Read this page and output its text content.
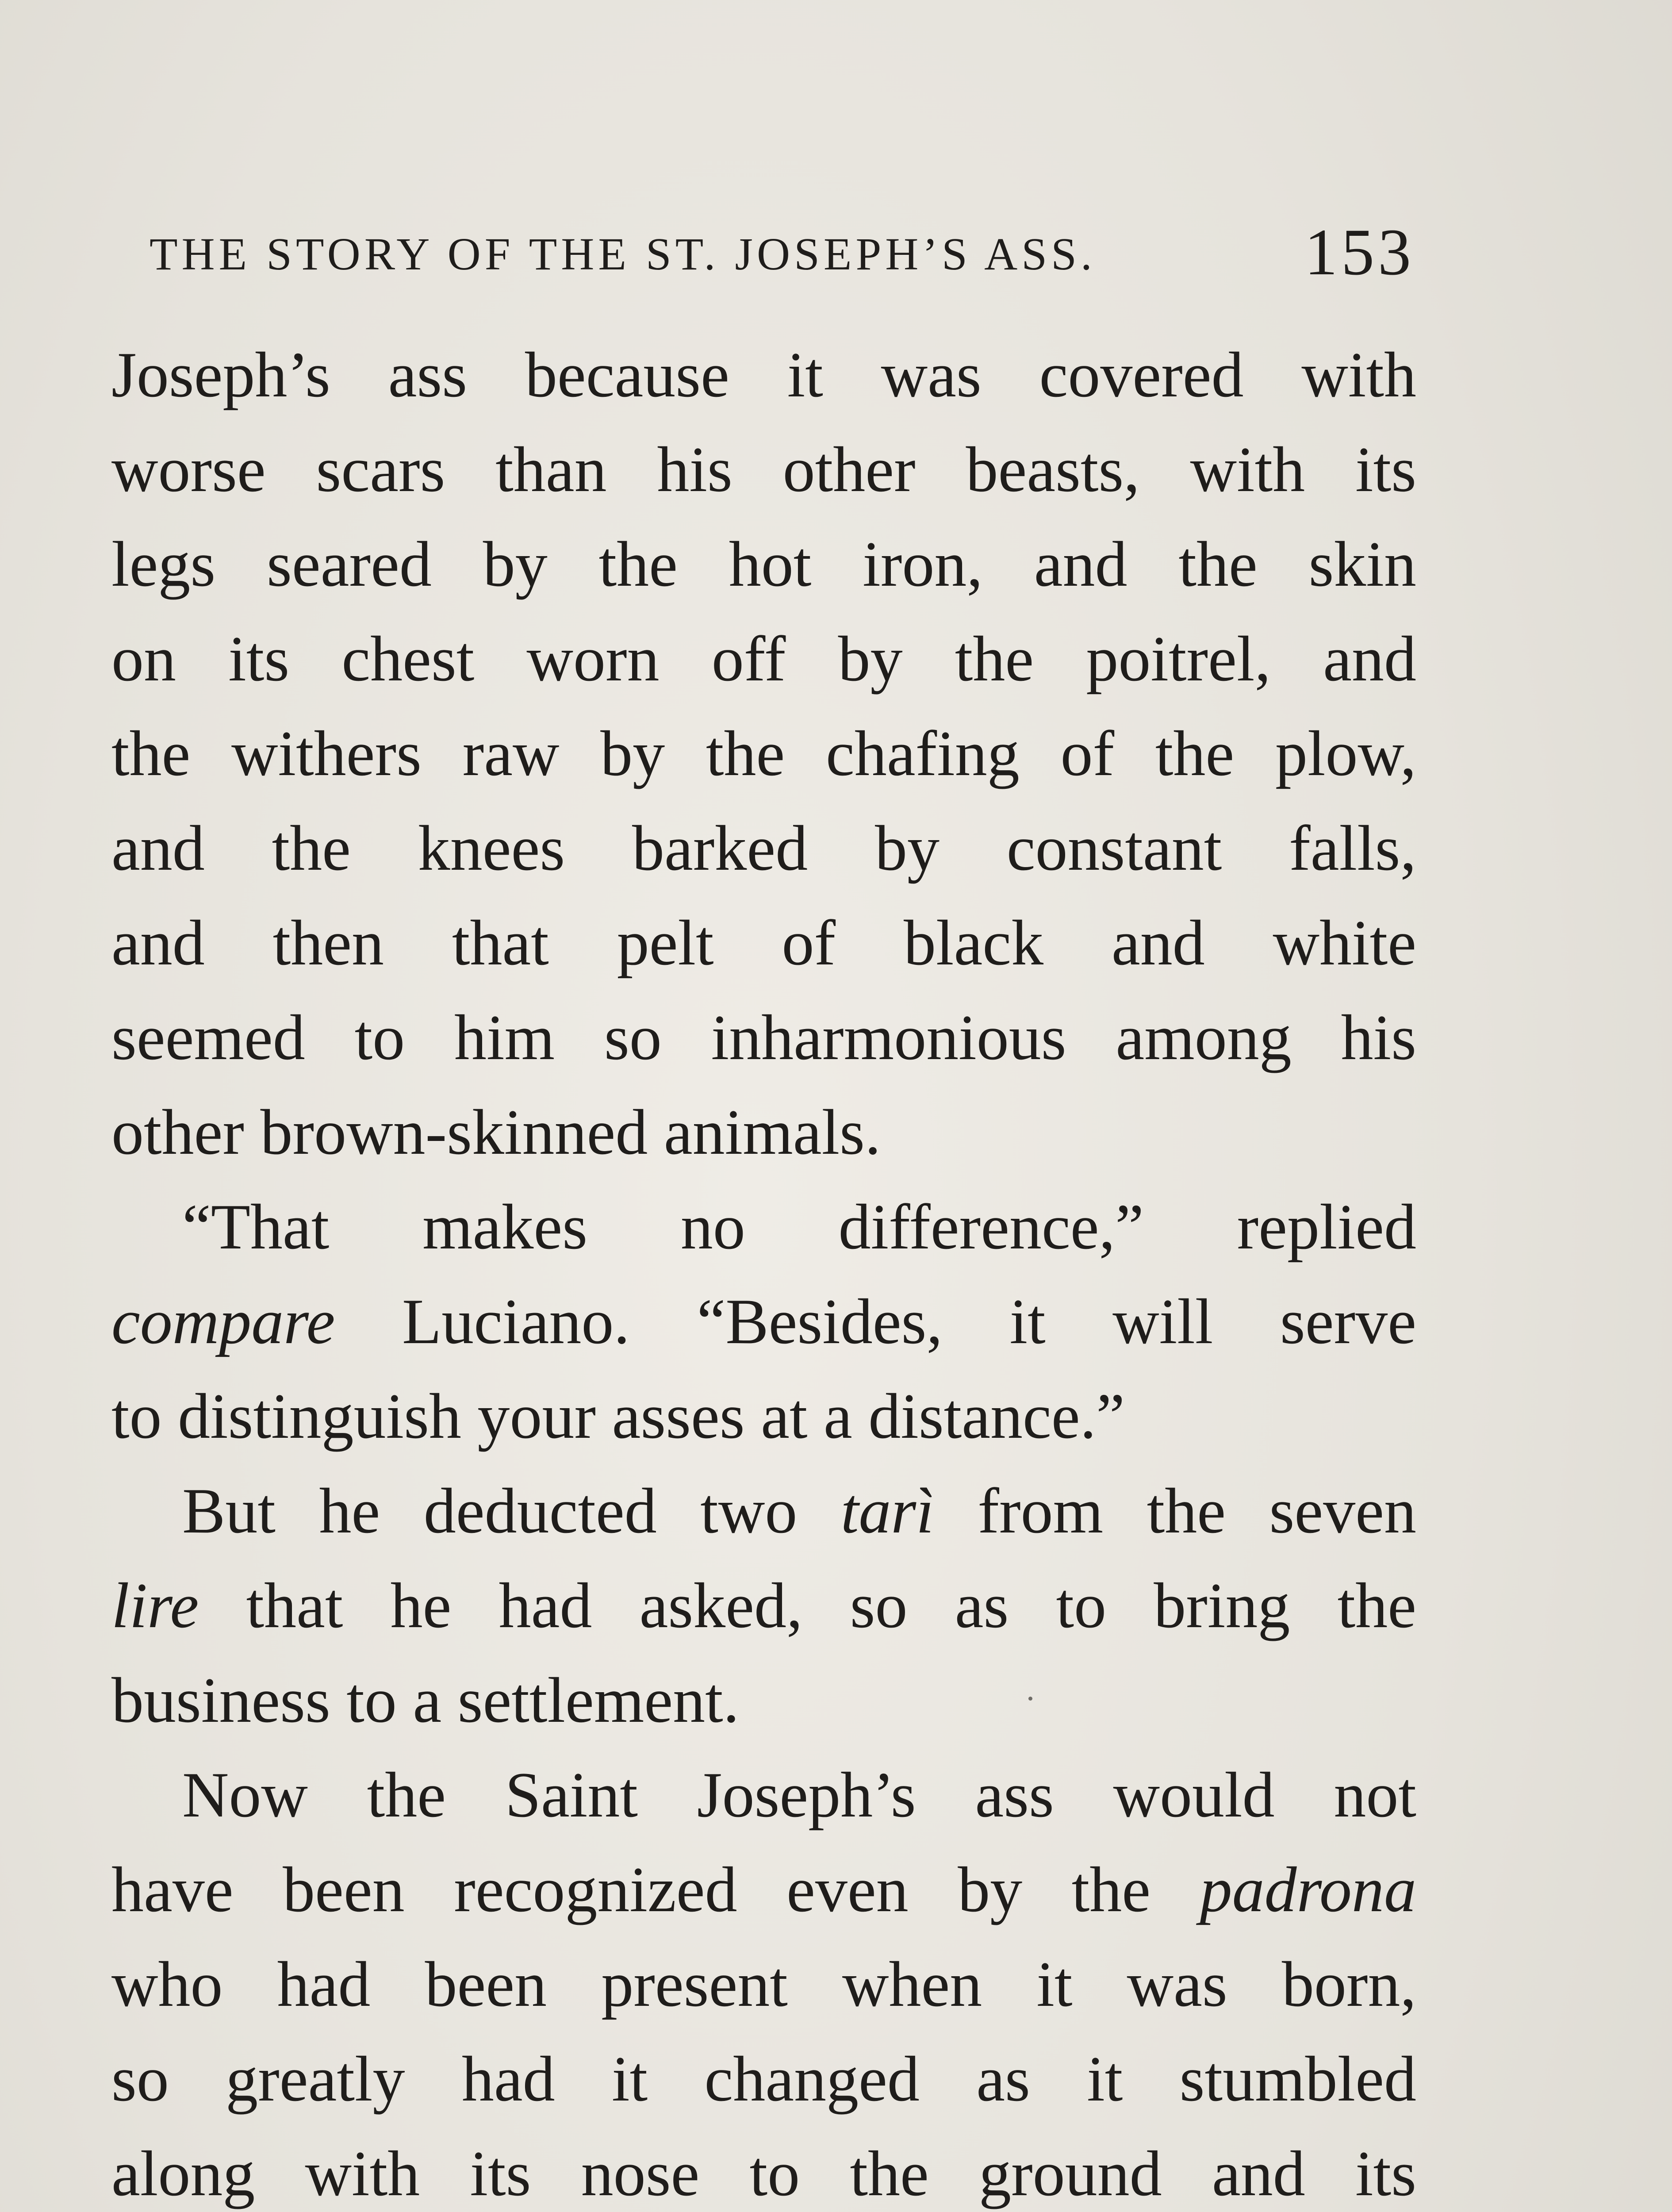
THE STORY OF THE ST. JOSEPH’S ASS.	153
Joseph’s ass because it was covered with
worse scars than his other beasts, with its
legs seared by the hot iron, and the skin
on its chest worn off by the poitrel, and
the withers raw by the chafing of the plow,
and the knees barked by constant falls,
and then that pelt of black and white
seemed to him so inharmonious among his
other brown-skinned animals.
“That makes no difference,” replied
compare Luciano. “Besides, it will serve
to distinguish your asses at a distance.”
But he deducted two tarì from the seven
lire that he had asked, so as to bring the
business to a settlement.
Now the Saint Joseph’s ass would not
have been recognized even by the padrona
who had been present when it was born,
so greatly had it changed as it stumbled
along with its nose to the ground and its
